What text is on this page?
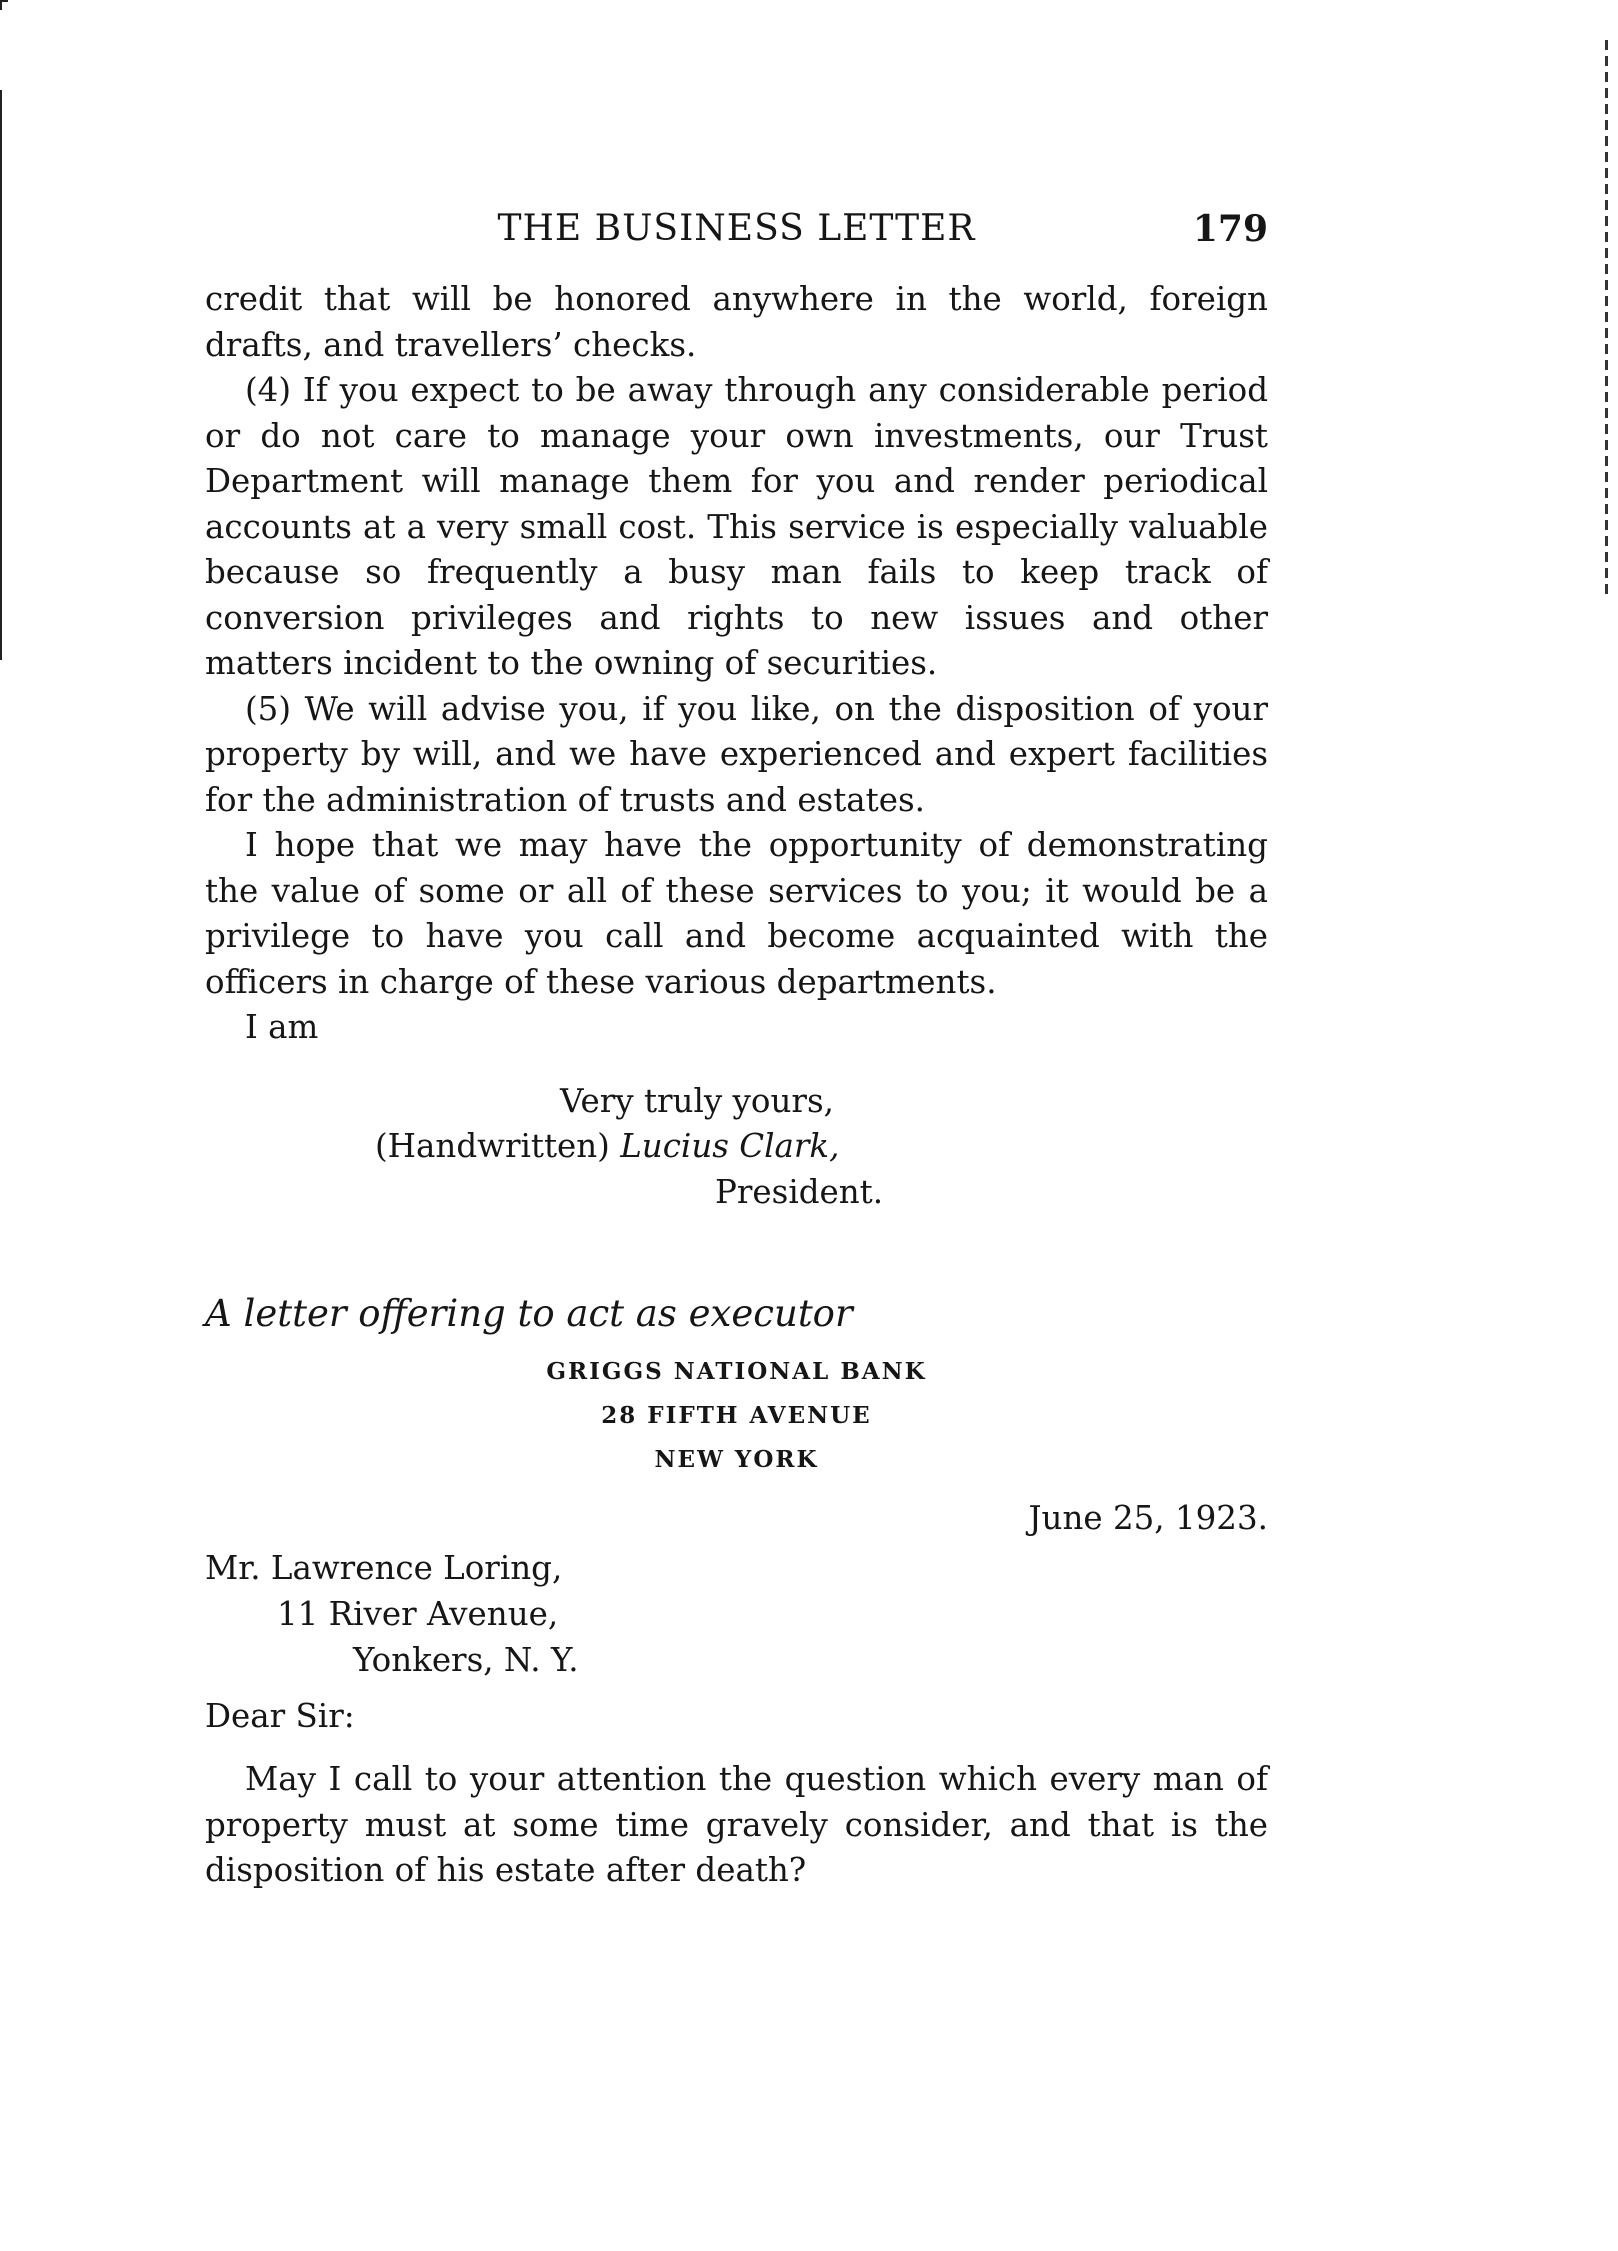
THE BUSINESS LETTER	179

credit that will be honored anywhere in the world, foreign drafts, and travellers’ checks.

(4) If you expect to be away through any considerable period or do not care to manage your own investments, our Trust Department will manage them for you and render periodical accounts at a very small cost. This service is especially valuable because so frequently a busy man fails to keep track of conversion privileges and rights to new issues and other matters incident to the owning of securities.

(5) We will advise you, if you like, on the disposition of your property by will, and we have experienced and expert facilities for the administration of trusts and estates.

I hope that we may have the opportunity of demonstrating the value of some or all of these services to you; it would be a privilege to have you call and become acquainted with the officers in charge of these various departments.

I am
Very truly yours,
(Handwritten) Lucius Clark,
President.
A letter offering to act as executor
GRIGGS NATIONAL BANK
28 FIFTH AVENUE
NEW YORK
June 25, 1923.
Mr. Lawrence Loring,
11 River Avenue,
Yonkers, N. Y.
Dear Sir:

May I call to your attention the question which every man of property must at some time gravely consider, and that is the disposition of his estate after death?
